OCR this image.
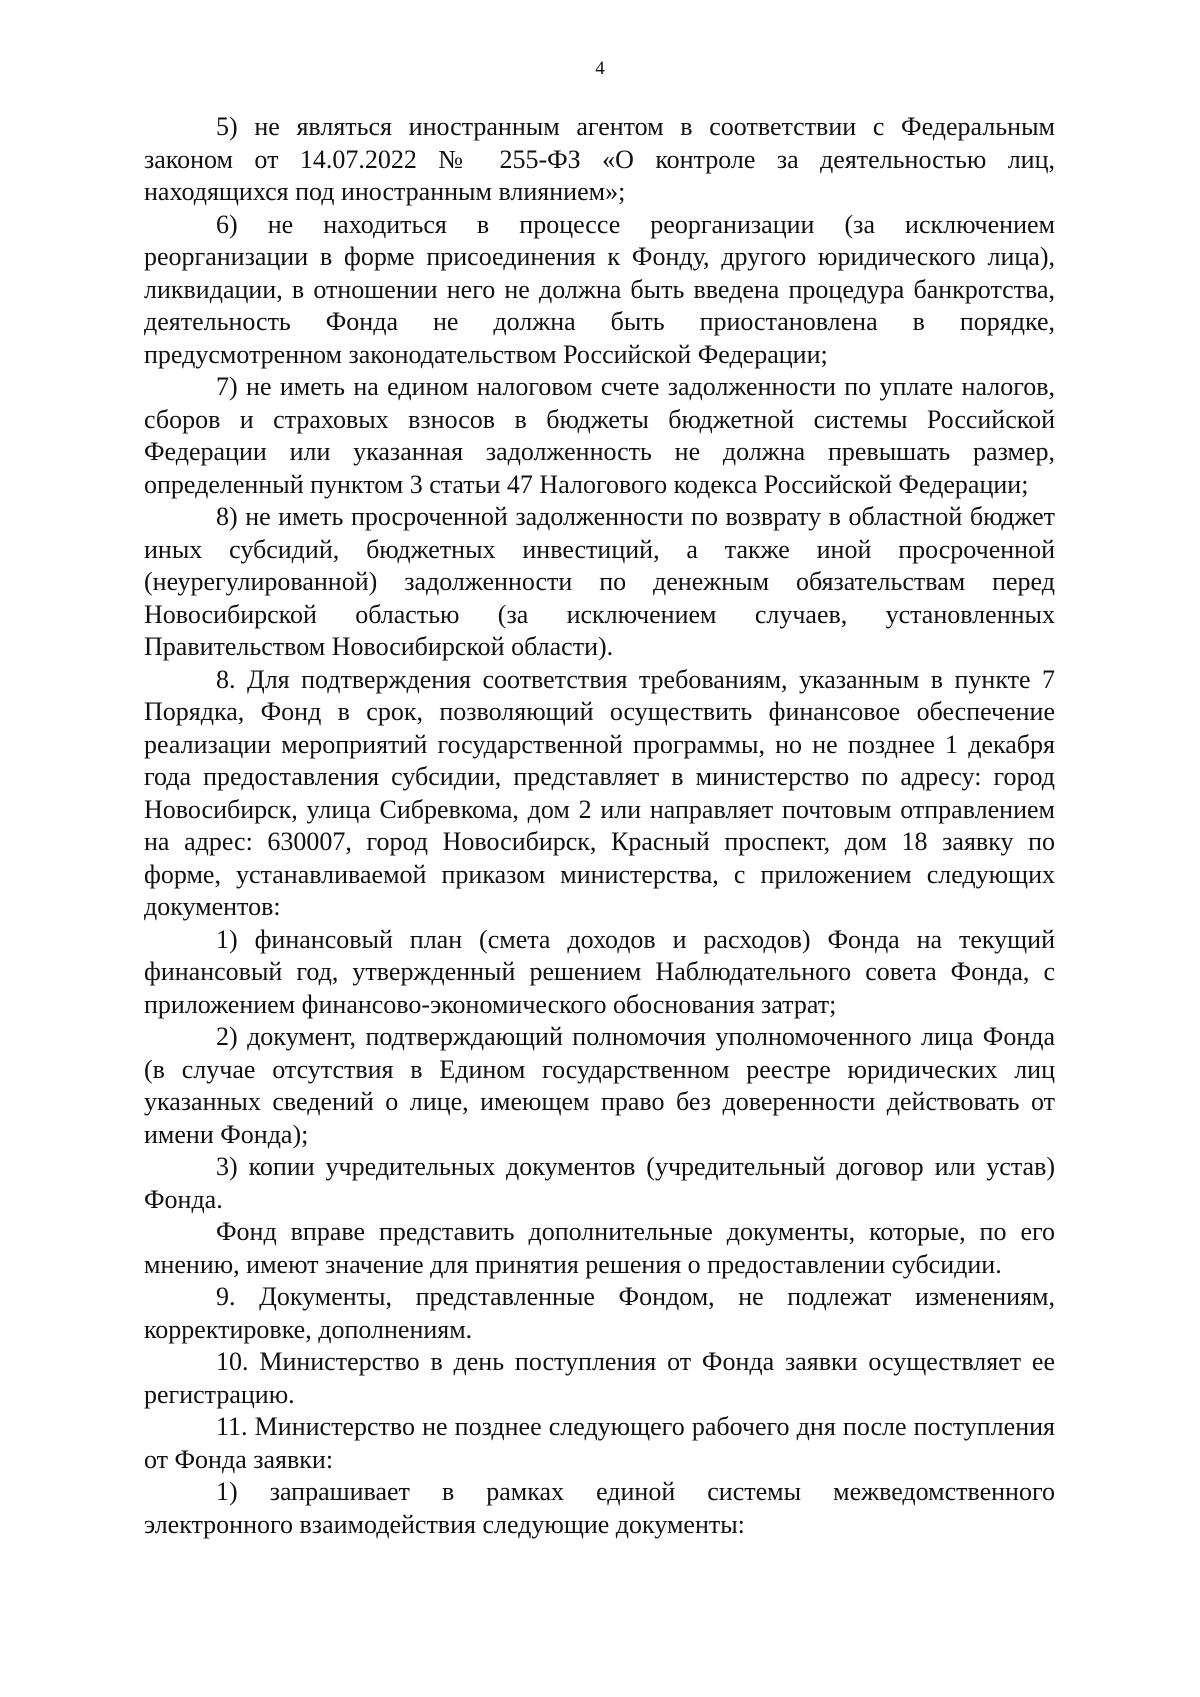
4

5) не являться иностранным агентом в соответствии с Федеральным законом от 14.07.2022 № 255-ФЗ «О контроле за деятельностью лиц, находящихся под иностранным влиянием»;

6) не находиться в процессе реорганизации (за исключением реорганизации в форме присоединения к Фонду, другого юридического лица), ликвидации, в отношении него не должна быть введена процедура банкротства, деятельность Фонда не должна быть приостановлена в порядке, предусмотренном законодательством Российской Федерации;

7) не иметь на едином налоговом счете задолженности по уплате налогов, сборов и страховых взносов в бюджеты бюджетной системы Российской Федерации или указанная задолженность не должна превышать размер, определенный пунктом 3 статьи 47 Налогового кодекса Российской Федерации;

8) не иметь просроченной задолженности по возврату в областной бюджет иных субсидий, бюджетных инвестиций, а также иной просроченной (неурегулированной) задолженности по денежным обязательствам перед Новосибирской областью (за исключением случаев, установленных Правительством Новосибирской области).

8. Для подтверждения соответствия требованиям, указанным в пункте 7 Порядка, Фонд в срок, позволяющий осуществить финансовое обеспечение реализации мероприятий государственной программы, но не позднее 1 декабря года предоставления субсидии, представляет в министерство по адресу: город Новосибирск, улица Сибревкома, дом 2 или направляет почтовым отправлением на адрес: 630007, город Новосибирск, Красный проспект, дом 18 заявку по форме, устанавливаемой приказом министерства, с приложением следующих документов:

1) финансовый план (смета доходов и расходов) Фонда на текущий финансовый год, утвержденный решением Наблюдательного совета Фонда, с приложением финансово-экономического обоснования затрат;

2) документ, подтверждающий полномочия уполномоченного лица Фонда (в случае отсутствия в Едином государственном реестре юридических лиц указанных сведений о лице, имеющем право без доверенности действовать от имени Фонда);

3) копии учредительных документов (учредительный договор или устав) Фонда.

Фонд вправе представить дополнительные документы, которые, по его мнению, имеют значение для принятия решения о предоставлении субсидии.

9. Документы, представленные Фондом, не подлежат изменениям, корректировке, дополнениям.

10. Министерство в день поступления от Фонда заявки осуществляет ее регистрацию.

11. Министерство не позднее следующего рабочего дня после поступления от Фонда заявки:

1) запрашивает в рамках единой системы межведомственного электронного взаимодействия следующие документы:
